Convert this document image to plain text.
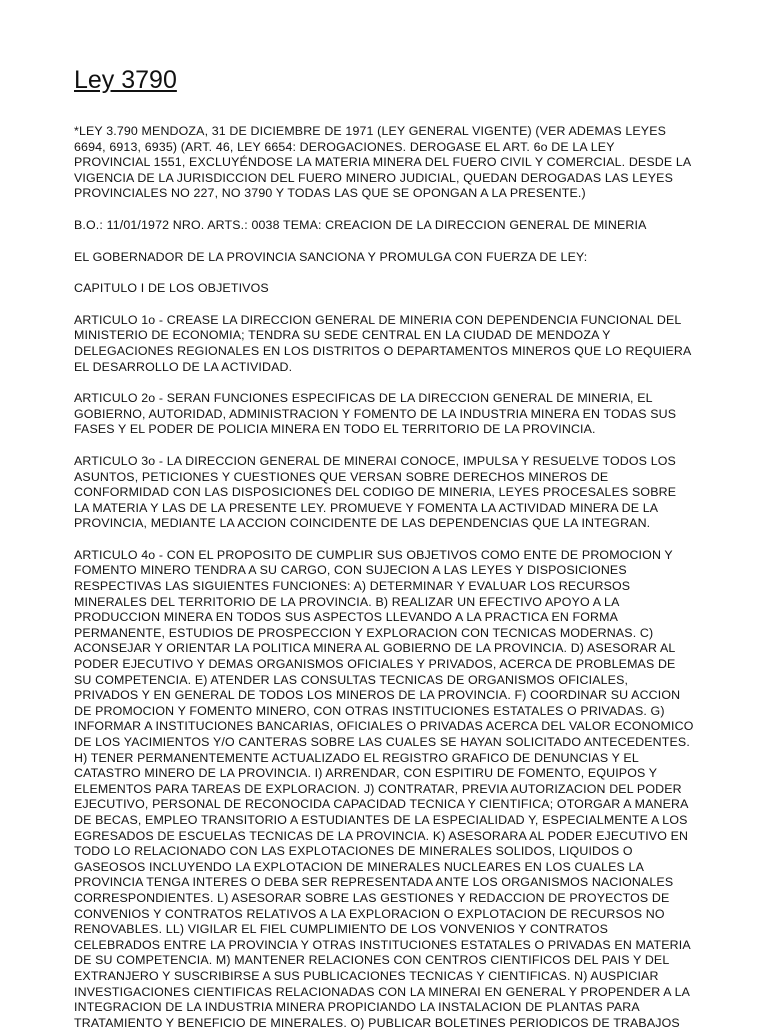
Ley 3790

*LEY 3.790 MENDOZA, 31 DE DICIEMBRE DE 1971 (LEY GENERAL VIGENTE) (VER ADEMAS LEYES 6694, 6913, 6935) (ART. 46, LEY 6654: DEROGACIONES. DEROGASE EL ART. 6o DE LA LEY PROVINCIAL 1551, EXCLUYÉNDOSE LA MATERIA MINERA DEL FUERO CIVIL Y COMERCIAL. DESDE LA VIGENCIA DE LA JURISDICCION DEL FUERO MINERO JUDICIAL, QUEDAN DEROGADAS LAS LEYES PROVINCIALES NO 227, NO 3790 Y TODAS LAS QUE SE OPONGAN A LA PRESENTE.)

B.O.: 11/01/1972 NRO. ARTS.: 0038 TEMA: CREACION DE LA DIRECCION GENERAL DE MINERIA

EL GOBERNADOR DE LA PROVINCIA SANCIONA Y PROMULGA CON FUERZA DE LEY:

CAPITULO I DE LOS OBJETIVOS

ARTICULO 1o - CREASE LA DIRECCION GENERAL DE MINERIA CON DEPENDENCIA FUNCIONAL DEL MINISTERIO DE ECONOMIA; TENDRA SU SEDE CENTRAL EN LA CIUDAD DE MENDOZA Y DELEGACIONES REGIONALES EN LOS DISTRITOS O DEPARTAMENTOS MINEROS QUE LO REQUIERA EL DESARROLLO DE LA ACTIVIDAD.

ARTICULO 2o - SERAN FUNCIONES ESPECIFICAS DE LA DIRECCION GENERAL DE MINERIA, EL GOBIERNO, AUTORIDAD, ADMINISTRACION Y FOMENTO DE LA INDUSTRIA MINERA EN TODAS SUS FASES Y EL PODER DE POLICIA MINERA EN TODO EL TERRITORIO DE LA PROVINCIA.

ARTICULO 3o - LA DIRECCION GENERAL DE MINERAI CONOCE, IMPULSA Y RESUELVE TODOS LOS ASUNTOS, PETICIONES Y CUESTIONES QUE VERSAN SOBRE DERECHOS MINEROS DE CONFORMIDAD CON LAS DISPOSICIONES DEL CODIGO DE MINERIA, LEYES PROCESALES SOBRE LA MATERIA Y LAS DE LA PRESENTE LEY. PROMUEVE Y FOMENTA LA ACTIVIDAD MINERA DE LA PROVINCIA, MEDIANTE LA ACCION COINCIDENTE DE LAS DEPENDENCIAS QUE LA INTEGRAN.

ARTICULO 4o - CON EL PROPOSITO DE CUMPLIR SUS OBJETIVOS COMO ENTE DE PROMOCION Y FOMENTO MINERO TENDRA A SU CARGO, CON SUJECION A LAS LEYES Y DISPOSICIONES RESPECTIVAS LAS SIGUIENTES FUNCIONES: A) DETERMINAR Y EVALUAR LOS RECURSOS MINERALES DEL TERRITORIO DE LA PROVINCIA. B) REALIZAR UN EFECTIVO APOYO A LA PRODUCCION MINERA EN TODOS SUS ASPECTOS LLEVANDO A LA PRACTICA EN FORMA PERMANENTE, ESTUDIOS DE PROSPECCION Y EXPLORACION CON TECNICAS MODERNAS. C) ACONSEJAR Y ORIENTAR LA POLITICA MINERA AL GOBIERNO DE LA PROVINCIA. D) ASESORAR AL PODER EJECUTIVO Y DEMAS ORGANISMOS OFICIALES Y PRIVADOS, ACERCA DE PROBLEMAS DE SU COMPETENCIA. E) ATENDER LAS CONSULTAS TECNICAS DE ORGANISMOS OFICIALES, PRIVADOS Y EN GENERAL DE TODOS LOS MINEROS DE LA PROVINCIA. F) COORDINAR SU ACCION DE PROMOCION Y FOMENTO MINERO, CON OTRAS INSTITUCIONES ESTATALES O PRIVADAS. G) INFORMAR A INSTITUCIONES BANCARIAS, OFICIALES O PRIVADAS ACERCA DEL VALOR ECONOMICO DE LOS YACIMIENTOS Y/O CANTERAS SOBRE LAS CUALES SE HAYAN SOLICITADO ANTECEDENTES. H) TENER PERMANENTEMENTE ACTUALIZADO EL REGISTRO GRAFICO DE DENUNCIAS Y EL CATASTRO MINERO DE LA PROVINCIA. I) ARRENDAR, CON ESPITIRU DE FOMENTO, EQUIPOS Y ELEMENTOS PARA TAREAS DE EXPLORACION. J) CONTRATAR, PREVIA AUTORIZACION DEL PODER EJECUTIVO, PERSONAL DE RECONOCIDA CAPACIDAD TECNICA Y CIENTIFICA; OTORGAR A MANERA DE BECAS, EMPLEO TRANSITORIO A ESTUDIANTES DE LA ESPECIALIDAD Y, ESPECIALMENTE A LOS EGRESADOS DE ESCUELAS TECNICAS DE LA PROVINCIA. K) ASESORARA AL PODER EJECUTIVO EN TODO LO RELACIONADO CON LAS EXPLOTACIONES DE MINERALES SOLIDOS, LIQUIDOS O GASEOSOS INCLUYENDO LA EXPLOTACION DE MINERALES NUCLEARES EN LOS CUALES LA PROVINCIA TENGA INTERES O DEBA SER REPRESENTADA ANTE LOS ORGANISMOS NACIONALES CORRESPONDIENTES. L) ASESORAR SOBRE LAS GESTIONES Y REDACCION DE PROYECTOS DE CONVENIOS Y CONTRATOS RELATIVOS A LA EXPLORACION O EXPLOTACION DE RECURSOS NO RENOVABLES. LL) VIGILAR EL FIEL CUMPLIMIENTO DE LOS VONVENIOS Y CONTRATOS CELEBRADOS ENTRE LA PROVINCIA Y OTRAS INSTITUCIONES ESTATALES O PRIVADAS EN MATERIA DE SU COMPETENCIA. M) MANTENER RELACIONES CON CENTROS CIENTIFICOS DEL PAIS Y DEL EXTRANJERO Y SUSCRIBIRSE A SUS PUBLICACIONES TECNICAS Y CIENTIFICAS. N) AUSPICIAR INVESTIGACIONES CIENTIFICAS RELACIONADAS CON LA MINERAI EN GENERAL Y PROPENDER A LA INTEGRACION DE LA INDUSTRIA MINERA PROPICIANDO LA INSTALACION DE PLANTAS PARA TRATAMIENTO Y BENEFICIO DE MINERALES. O) PUBLICAR BOLETINES PERIODICOS DE TRABAJOS
